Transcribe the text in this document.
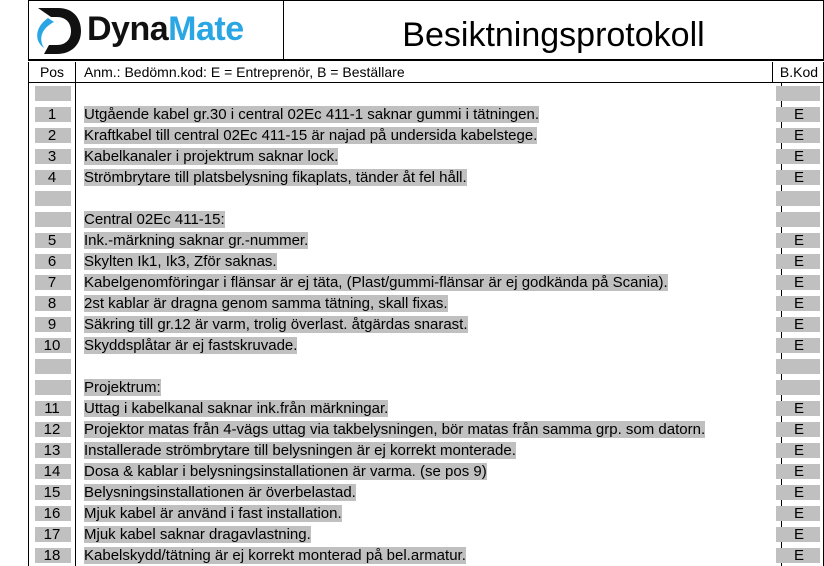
DynaMate	Besiktningsprotokoll
Pos	Anm.: Bedömn.kod: E = Entreprenör, B = Beställare	B.Kod
1	Utgående kabel gr.30 i central 02Ec 411-1 saknar gummi i tätningen.	E
2	Kraftkabel till central 02Ec 411-15 är najad på undersida kabelstege.	E
3	Kabelkanaler i projektrum saknar lock.	E
4	Strömbrytare till platsbelysning fikaplats, tänder åt fel håll.	E
Central 02Ec 411-15:
5	Ink.-märkning saknar gr.-nummer.	E
6	Skylten Ik1, Ik3, Zför saknas.	E
7	Kabelgenomföringar i flänsar är ej täta, (Plast/gummi-flänsar är ej godkända på Scania).	E
8	2st kablar är dragna genom samma tätning, skall fixas.	E
9	Säkring till gr.12 är varm, trolig överlast. åtgärdas snarast.	E
10	Skyddsplåtar är ej fastskruvade.	E
Projektrum:
11	Uttag i kabelkanal saknar ink.från märkningar.	E
12	Projektor matas från 4-vägs uttag via takbelysningen, bör matas från samma grp. som datorn.	E
13	Installerade strömbrytare till belysningen är ej korrekt monterade.	E
14	Dosa & kablar i belysningsinstallationen är varma. (se pos 9)	E
15	Belysningsinstallationen är överbelastad.	E
16	Mjuk kabel är använd i fast installation.	E
17	Mjuk kabel saknar dragavlastning.	E
18	Kabelskydd/tätning är ej korrekt monterad på bel.armatur.	E
